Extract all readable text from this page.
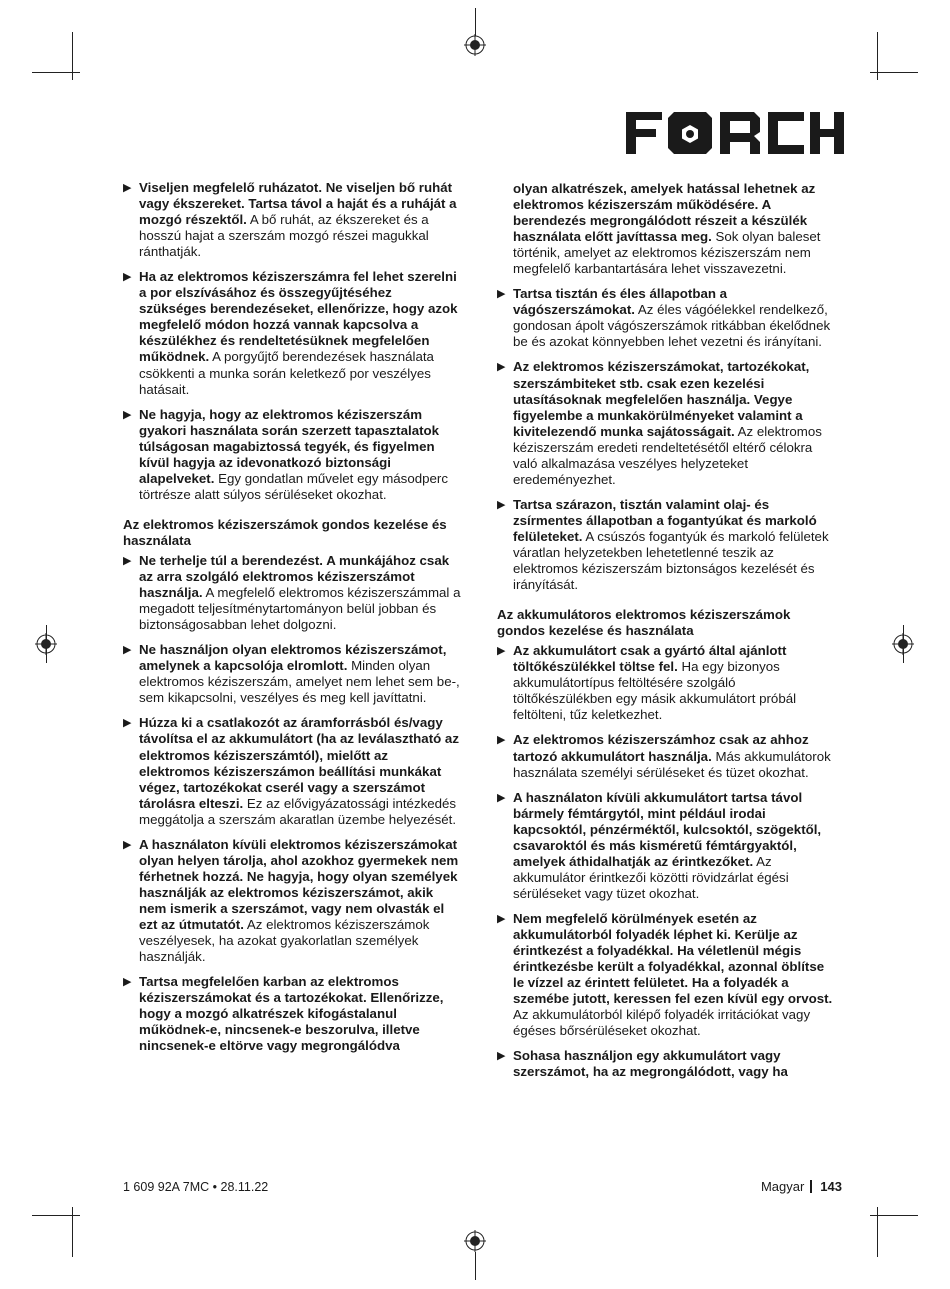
▶ Viseljen megfelelő ruházatot. Ne viseljen bő ruhát vagy ékszereket. Tartsa távol a haját és a ruháját a mozgó részektől. A bő ruhát, az ékszereket és a hosszú hajat a szerszám mozgó részei magukkal ránthatják.
▶ Ha az elektromos kéziszerszámra fel lehet szerelni a por elszívásához és összegyűjtéséhez szükséges berendezéseket, ellenőrizze, hogy azok megfelelő módon hozzá vannak kapcsolva a készülékhez és rendeltetésüknek megfelelően működnek. A porgyűjtő berendezések használata csökkenti a munka során keletkező por veszélyes hatásait.
▶ Ne hagyja, hogy az elektromos kéziszerszám gyakori használata során szerzett tapasztalatok túlságosan magabiztossá tegyék, és figyelmen kívül hagyja az idevonatkozó biztonsági alapelveket. Egy gondatlan művelet egy másodperc törtrésze alatt súlyos sérüléseket okozhat.
Az elektromos kéziszerszámok gondos kezelése és használata
▶ Ne terhelje túl a berendezést. A munkájához csak az arra szolgáló elektromos kéziszerszámot használja. A megfelelő elektromos kéziszerszámmal a megadott teljesítménytartományon belül jobban és biztonságosabban lehet dolgozni.
▶ Ne használjon olyan elektromos kéziszerszámot, amelynek a kapcsolója elromlott. Minden olyan elektromos kéziszerszám, amelyet nem lehet sem be-, sem kikapcsolni, veszélyes és meg kell javíttatni.
▶ Húzza ki a csatlakozót az áramforrásból és/vagy távolítsa el az akkumulátort (ha az leválasztható az elektromos kéziszerszámtól), mielőtt az elektromos kéziszerszámon beállítási munkákat végez, tartozékokat cserél vagy a szerszámot tárolásra elteszi. Ez az elővigyázatossági intézkedés meggátolja a szerszám akaratlan üzembe helyezését.
▶ A használaton kívüli elektromos kéziszerszámokat olyan helyen tárolja, ahol azokhoz gyermekek nem férhetnek hozzá. Ne hagyja, hogy olyan személyek használják az elektromos kéziszerszámot, akik nem ismerik a szerszámot, vagy nem olvasták el ezt az útmutatót. Az elektromos kéziszerszámok veszélyesek, ha azokat gyakorlatlan személyek használják.
▶ Tartsa megfelelően karban az elektromos kéziszerszámokat és a tartozékokat. Ellenőrizze, hogy a mozgó alkatrészek kifogástalanul működnek-e, nincsenek-e beszorulva, illetve nincsenek-e eltörve vagy megrongálódva
olyan alkatrészek, amelyek hatással lehetnek az elektromos kéziszerszám működésére. A berendezés megrongálódott részeit a készülék használata előtt javíttassa meg. Sok olyan baleset történik, amelyet az elektromos kéziszerszám nem megfelelő karbantartására lehet visszavezetni.
▶ Tartsa tisztán és éles állapotban a vágószerszámokat. Az éles vágóélekkel rendelkező, gondosan ápolt vágószerszámok ritkábban ékelődnek be és azokat könnyebben lehet vezetni és irányítani.
▶ Az elektromos kéziszerszámokat, tartozékokat, szerszámbiteket stb. csak ezen kezelési utasításoknak megfelelően használja. Vegye figyelembe a munkakörülményeket valamint a kivitelezendő munka sajátosságait. Az elektromos kéziszerszám eredeti rendeltetésétől eltérő célokra való alkalmazása veszélyes helyzeteket eredeményezhet.
▶ Tartsa szárazon, tisztán valamint olaj- és zsírmentes állapotban a fogantyúkat és markoló felületeket. A csúszós fogantyúk és markoló felületek váratlan helyzetekben lehetetlenné teszik az elektromos kéziszerszám biztonságos kezelését és irányítását.
Az akkumulátoros elektromos kéziszerszámok gondos kezelése és használata
▶ Az akkumulátort csak a gyártó által ajánlott töltőkészülékkel töltse fel. Ha egy bizonyos akkumulátortípus feltöltésére szolgáló töltőkészülékben egy másik akkumulátort próbál feltölteni, tűz keletkezhet.
▶ Az elektromos kéziszerszámhoz csak az ahhoz tartozó akkumulátort használja. Más akkumulátorok használata személyi sérüléseket és tüzet okozhat.
▶ A használaton kívüli akkumulátort tartsa távol bármely fémtárgytól, mint például irodai kapcsoktól, pénzérméktől, kulcsoktól, szögektől, csavaroktól és más kisméretű fémtárgyaktól, amelyek áthidalhatják az érintkezőket. Az akkumulátor érintkezői közötti rövidzárlat égési sérüléseket vagy tüzet okozhat.
▶ Nem megfelelő körülmények esetén az akkumulátorból folyadék léphet ki. Kerülje az érintkezést a folyadékkal. Ha véletlenül mégis érintkezésbe került a folyadékkal, azonnal öblítse le vízzel az érintett felületet. Ha a folyadék a szemébe jutott, keressen fel ezen kívül egy orvost. Az akkumulátorból kilépő folyadék irritációkat vagy égéses bőrsérüléseket okozhat.
▶ Sohasa használjon egy akkumulátort vagy szerszámot, ha az megrongálódott, vagy ha
1 609 92A 7MC • 28.11.22	Magyar 143
